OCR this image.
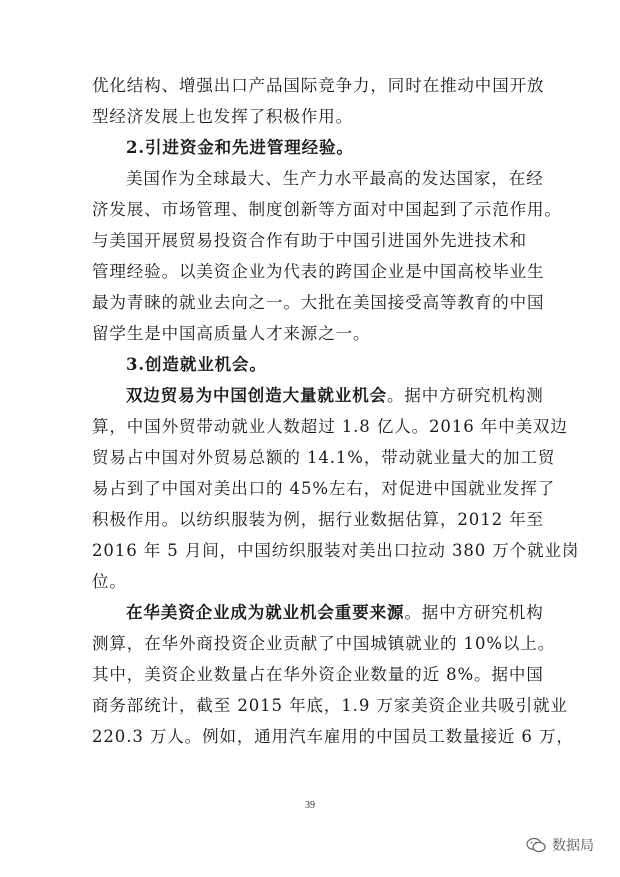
优化结构、增强出口产品国际竞争力，同时在推动中国开放
型经济发展上也发挥了积极作用。
2.引进资金和先进管理经验。
美国作为全球最大、生产力水平最高的发达国家，在经
济发展、市场管理、制度创新等方面对中国起到了示范作用。
与美国开展贸易投资合作有助于中国引进国外先进技术和
管理经验。以美资企业为代表的跨国企业是中国高校毕业生
最为青睐的就业去向之一。大批在美国接受高等教育的中国
留学生是中国高质量人才来源之一。
3.创造就业机会。
双边贸易为中国创造大量就业机会。据中方研究机构测
算，中国外贸带动就业人数超过 1.8 亿人。2016 年中美双边
贸易占中国对外贸易总额的 14.1%，带动就业量大的加工贸
易占到了中国对美出口的 45%左右，对促进中国就业发挥了
积极作用。以纺织服装为例，据行业数据估算，2012 年至
2016 年 5 月间，中国纺织服装对美出口拉动 380 万个就业岗
位。
在华美资企业成为就业机会重要来源。据中方研究机构
测算，在华外商投资企业贡献了中国城镇就业的 10%以上。
其中，美资企业数量占在华外资企业数量的近 8%。据中国
商务部统计，截至 2015 年底，1.9 万家美资企业共吸引就业
220.3 万人。例如，通用汽车雇用的中国员工数量接近 6 万，
39
数据局
